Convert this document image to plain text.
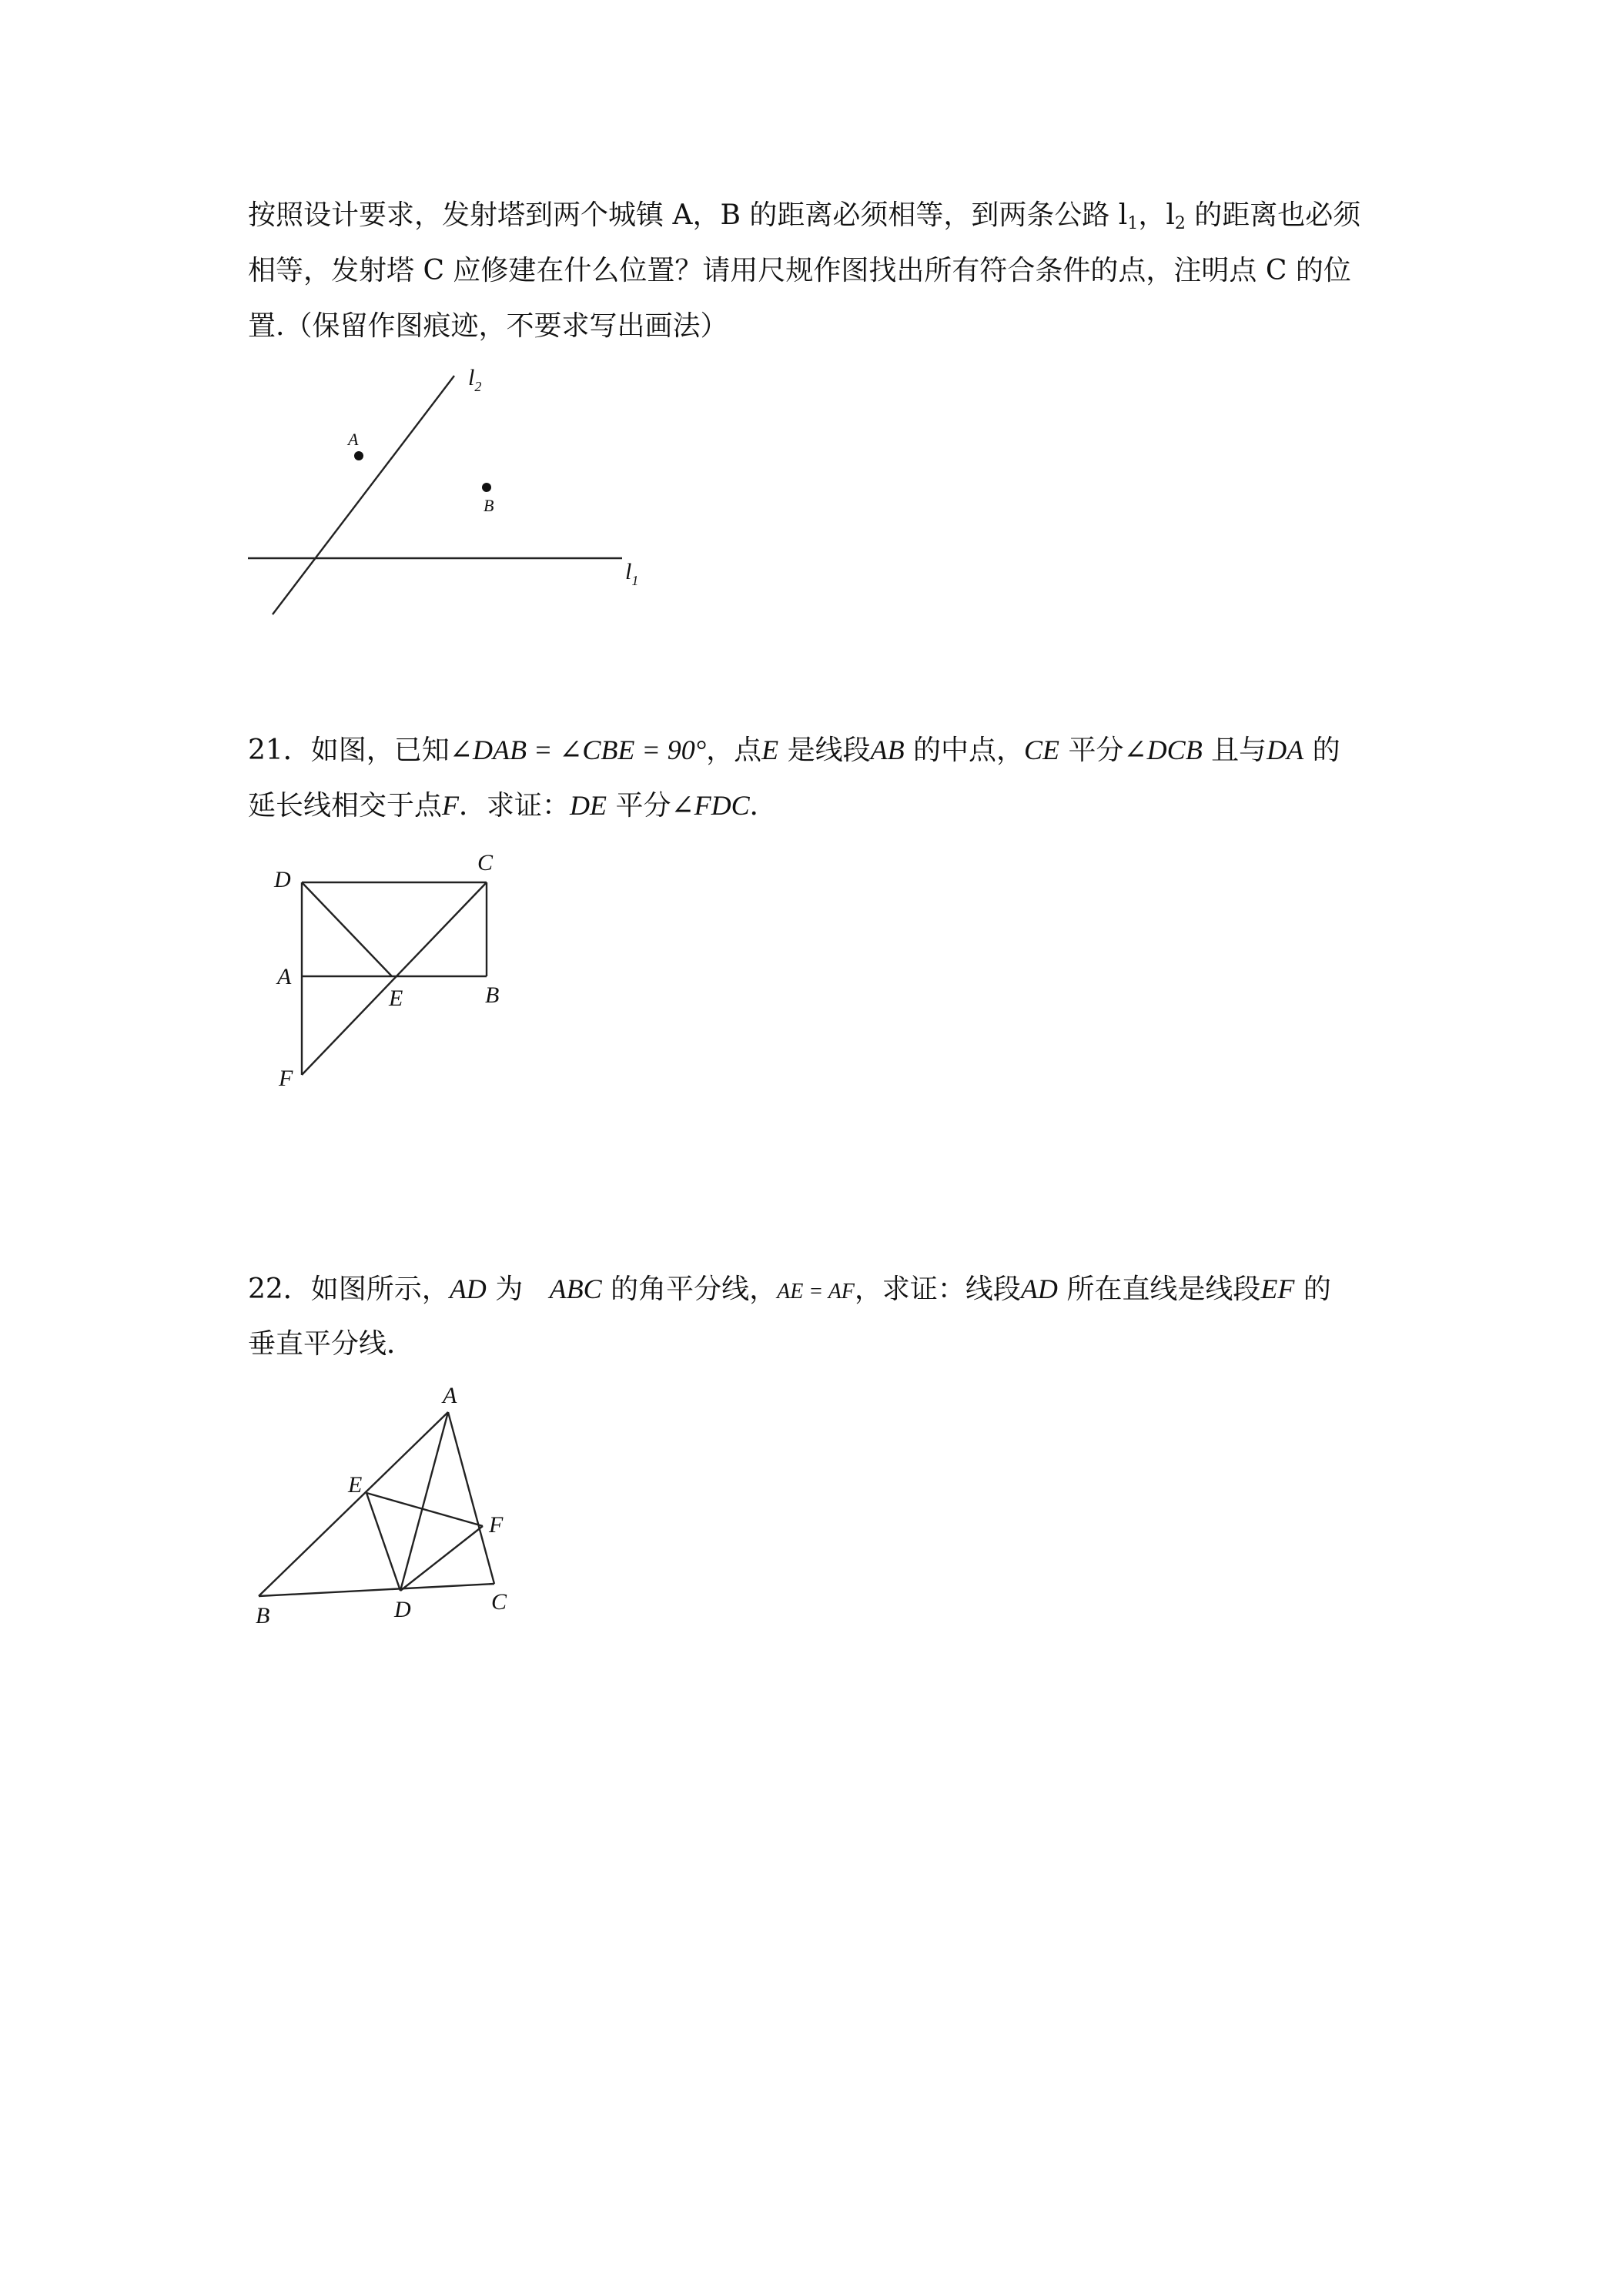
按照设计要求，发射塔到两个城镇 A，B 的距离必须相等，到两条公路 $l_1$，$l_2$ 的距离也必须
相等，发射塔 C 应修建在什么位置？请用尺规作图找出所有符合条件的点，注明点 C 的位
置.（保留作图痕迹，不要求写出画法）
A
B
$l_2$
$l_1$
21．如图，已知∠DAB = ∠CBE = 90°，点E 是线段AB 的中点，CE 平分∠DCB 且与DA 的
延长线相交于点F．求证：DE 平分∠FDC．
D
C
A
E	B
F
22．如图所示，AD 为 ABC 的角平分线，AE = AF，求证：线段AD 所在直线是线段EF 的
垂直平分线．
A
E
F
B	D	C
